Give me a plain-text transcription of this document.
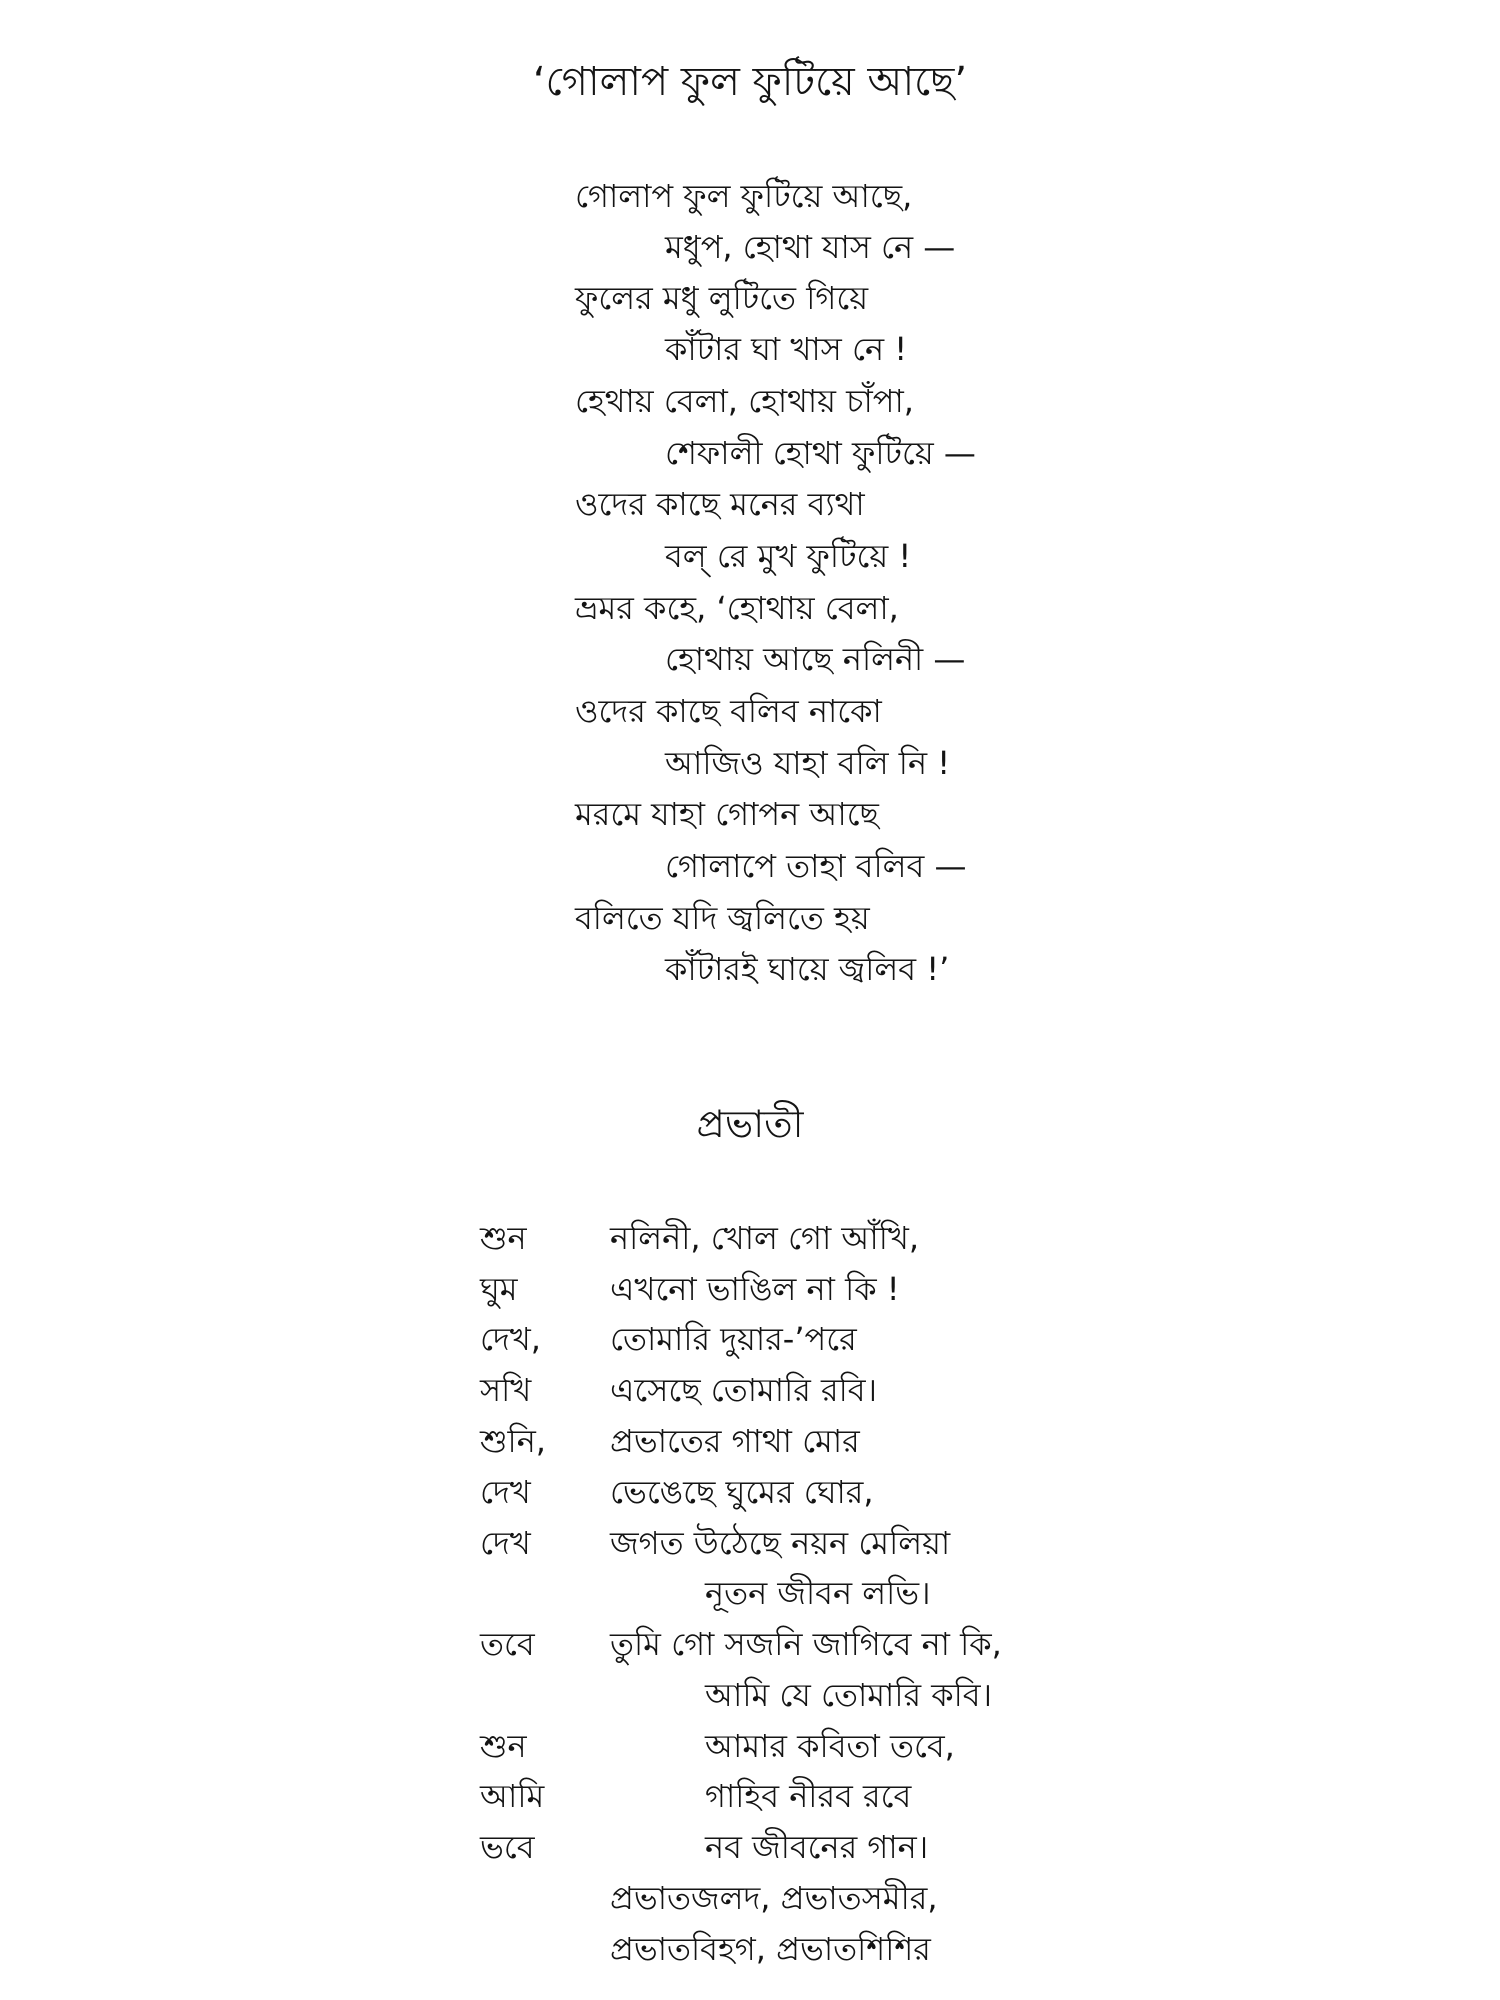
‘গোলাপ ফুল ফুটিয়ে আছে’
গোলাপ ফুল ফুটিয়ে আছে,
মধুপ, হোথা যাস নে —
ফুলের মধু লুটিতে গিয়ে
কাঁটার ঘা খাস নে !
হেথায় বেলা, হোথায় চাঁপা,
শেফালী হোথা ফুটিয়ে —
ওদের কাছে মনের ব্যথা
বল্ রে মুখ ফুটিয়ে !
ভ্রমর কহে, ‘হোথায় বেলা,
হোথায় আছে নলিনী —
ওদের কাছে বলিব নাকো
আজিও যাহা বলি নি !
মরমে যাহা গোপন আছে
গোলাপে তাহা বলিব —
বলিতে যদি জ্বলিতে হয়
কাঁটারই ঘায়ে জ্বলিব !’
প্রভাতী
নলিনী, খোল গো আঁখি,
শুন
এখনো ভাঙিল না কি !
ঘুম
তোমারি দুয়ার-’পরে
দেখ,
এসেছে তোমারি রবি।
সখি
প্রভাতের গাথা মোর
শুনি,
ভেঙেছে ঘুমের ঘোর,
দেখ
জগত উঠেছে নয়ন মেলিয়া
দেখ
নূতন জীবন লভি।
তুমি গো সজনি জাগিবে না কি,
তবে
আমি যে তোমারি কবি।
আমার কবিতা তবে,
শুন
গাহিব নীরব রবে
আমি
নব জীবনের গান।
ভবে
প্রভাতজলদ, প্রভাতসমীর,
প্রভাতবিহগ, প্রভাতশিশির
